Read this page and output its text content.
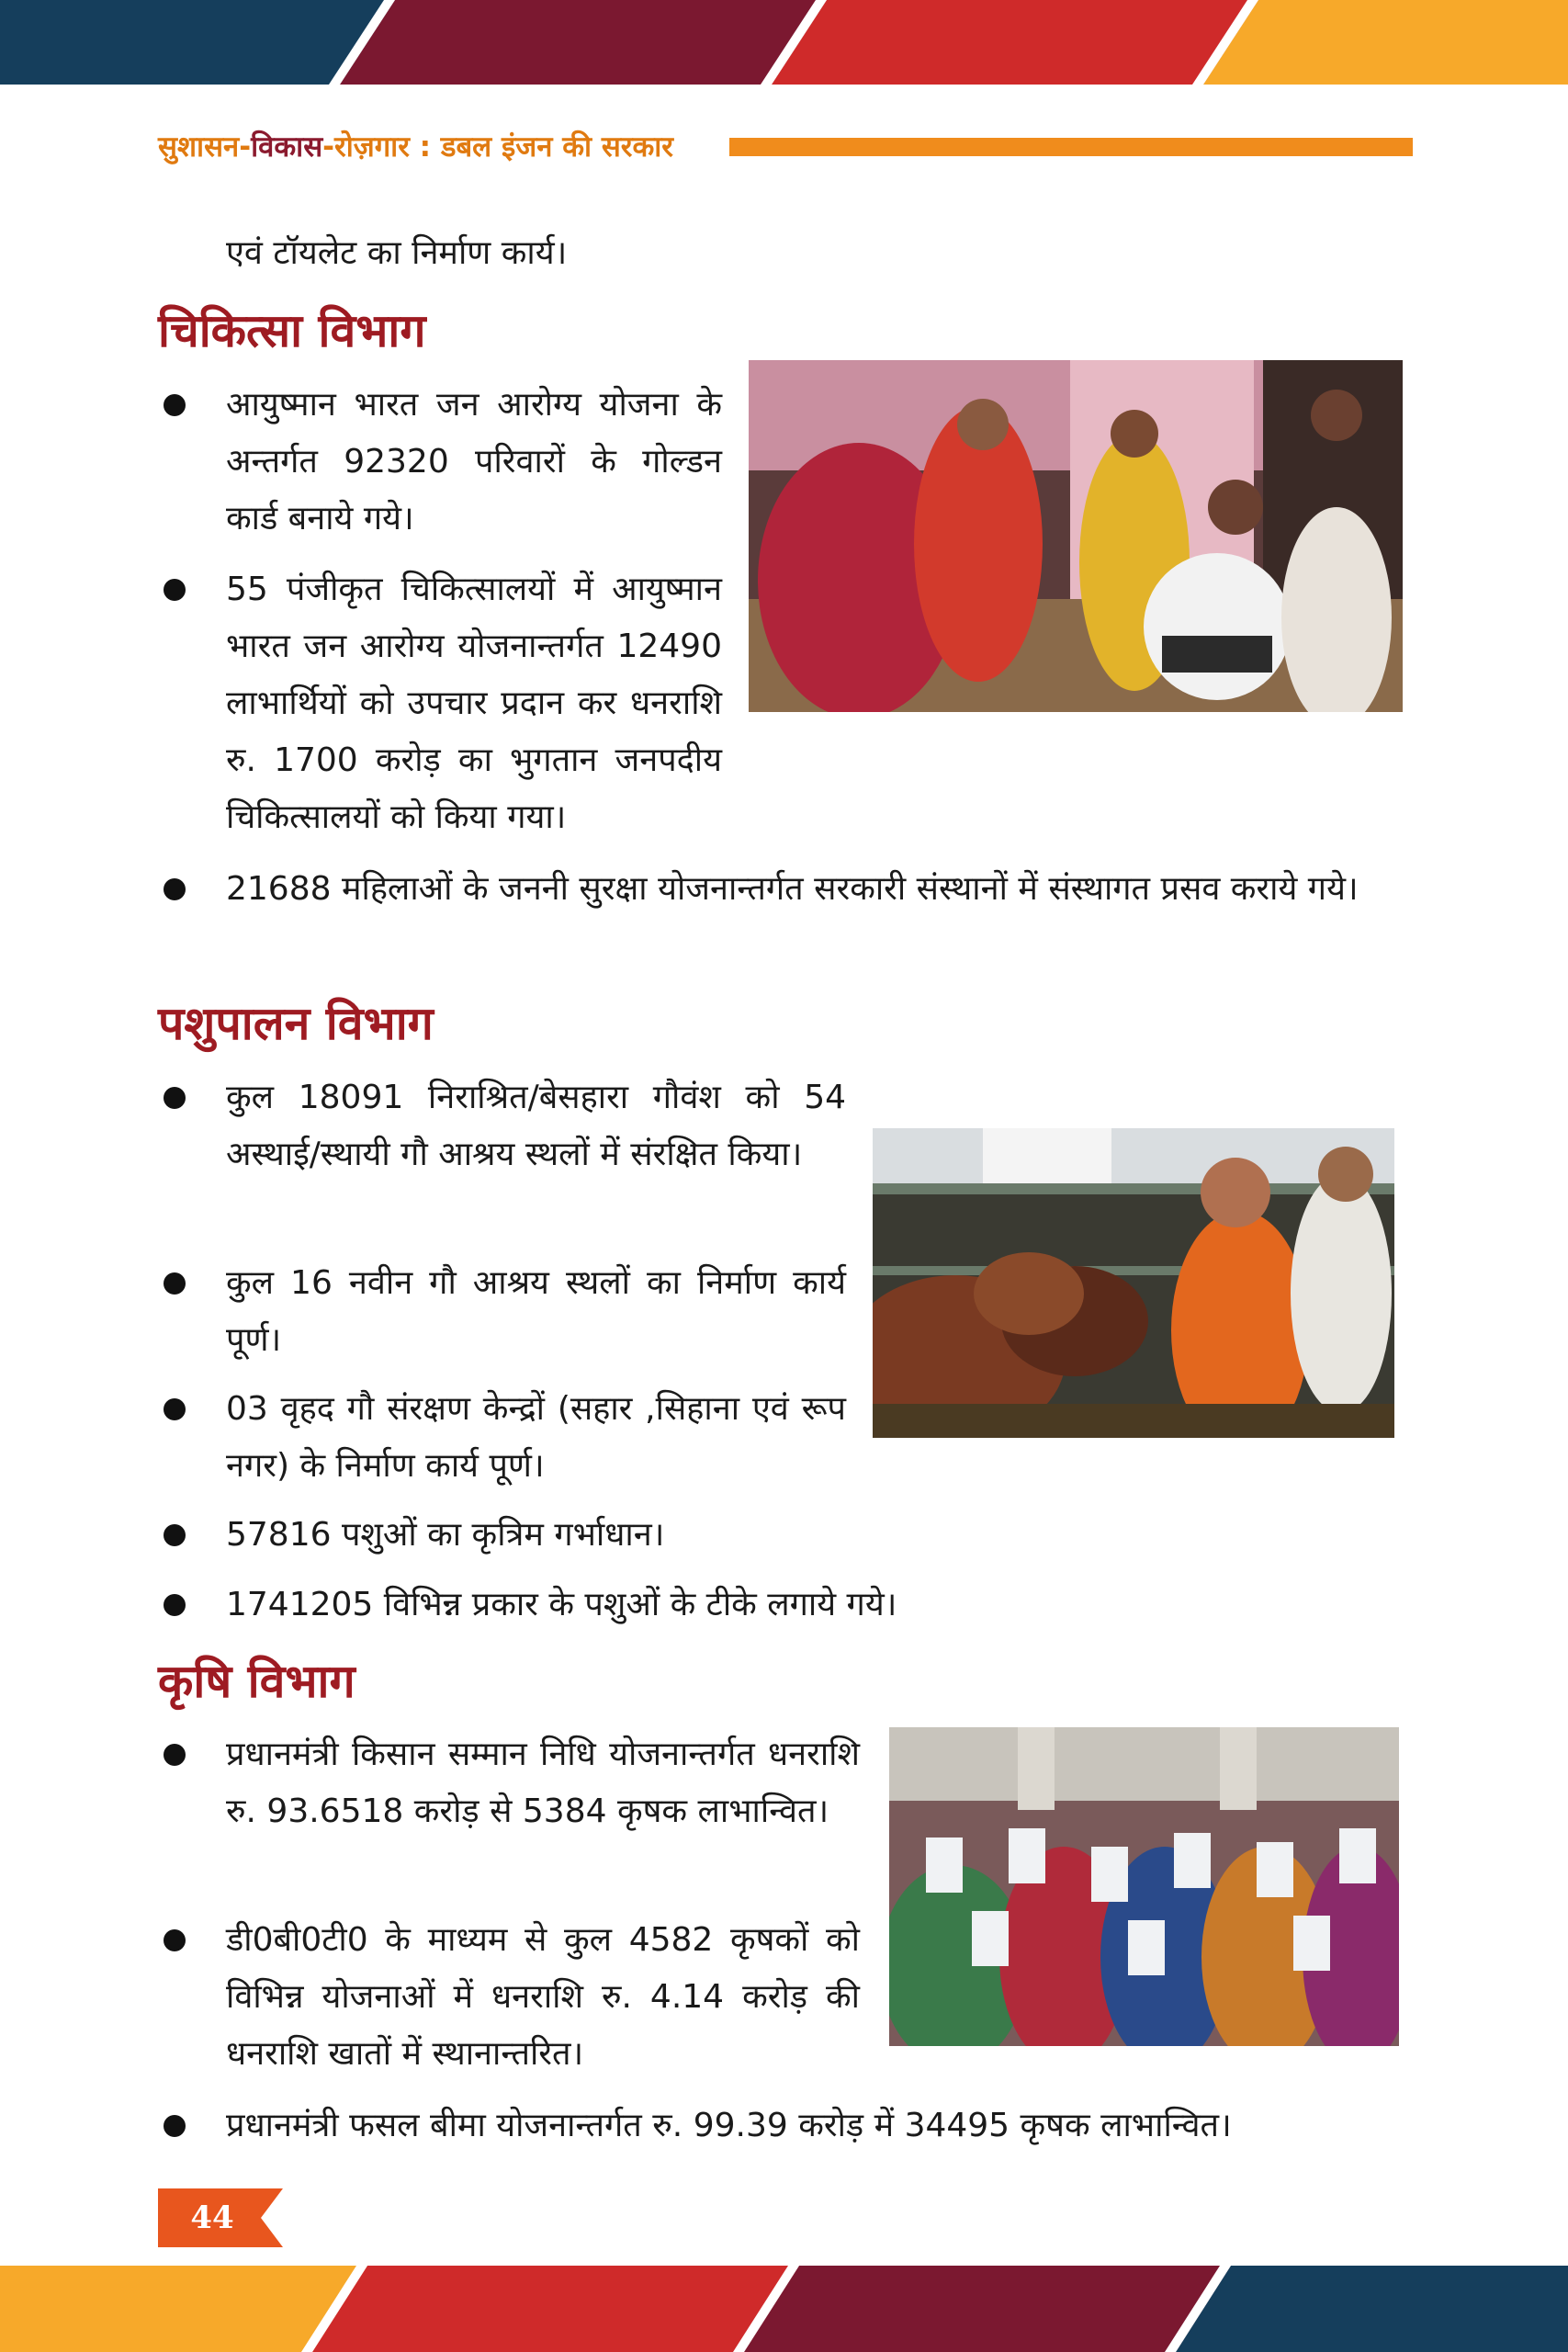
सुशासन-विकास-रोज़गार : डबल इंजन की सरकार
एवं टॉयलेट का निर्माण कार्य।
चिकित्सा विभाग
आयुष्मान भारत जन आरोग्य योजना के अन्तर्गत 92320 परिवारों के गोल्डन कार्ड बनाये गये।
55 पंजीकृत चिकित्सालयों में आयुष्मान भारत जन आरोग्य योजनान्तर्गत 12490 लाभार्थियों को उपचार प्रदान कर धनराशि रु. 1700 करोड़ का भुगतान जनपदीय चिकित्सालयों को किया गया।
21688 महिलाओं के जननी सुरक्षा योजनान्तर्गत सरकारी संस्थानों में संस्थागत प्रसव कराये गये।
पशुपालन विभाग
कुल 18091 निराश्रित/बेसहारा गौवंश को 54 अस्थाई/स्थायी गौ आश्रय स्थलों में संरक्षित किया।
कुल 16 नवीन गौ आश्रय स्थलों का निर्माण कार्य पूर्ण।
03 वृहद गौ संरक्षण केन्द्रों (सहार ,सिहाना एवं रूप नगर) के निर्माण कार्य पूर्ण।
57816 पशुओं का कृत्रिम गर्भाधान।
1741205 विभिन्न प्रकार के पशुओं के टीके लगाये गये।
कृषि विभाग
प्रधानमंत्री किसान सम्मान निधि योजनान्तर्गत धनराशि रु. 93.6518 करोड़ से 5384 कृषक लाभान्वित।
डी0बी0टी0 के माध्यम से कुल 4582 कृषकों को विभिन्न योजनाओं में धनराशि रु. 4.14 करोड़ की धनराशि खातों में स्थानान्तरित।
प्रधानमंत्री फसल बीमा योजनान्तर्गत रु. 99.39 करोड़ में 34495 कृषक लाभान्वित।
44
